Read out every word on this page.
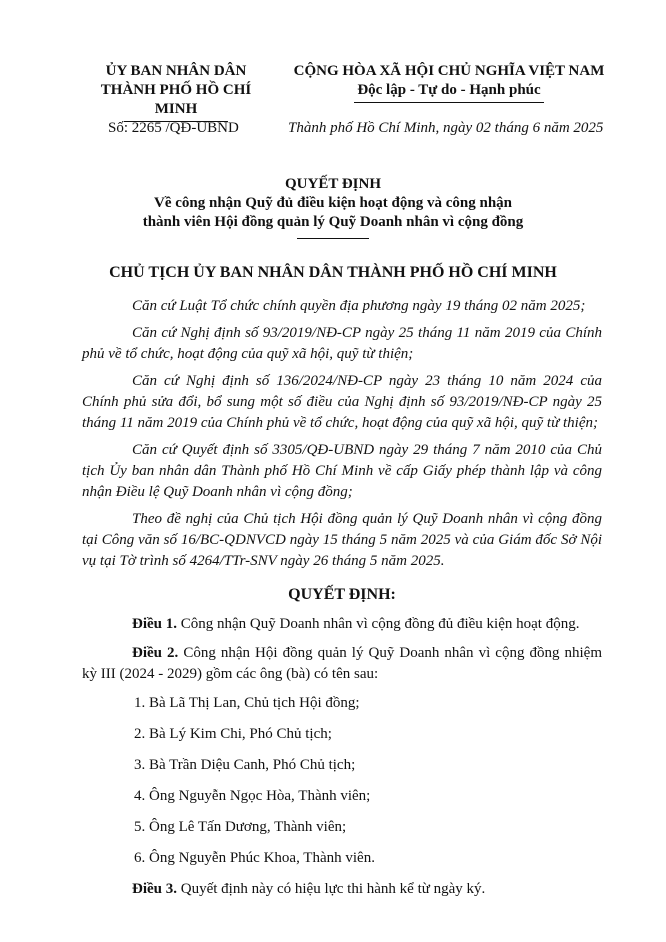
ỦY BAN NHÂN DÂN
THÀNH PHỐ HỒ CHÍ MINH
CỘNG HÒA XÃ HỘI CHỦ NGHĨA VIỆT NAM
Độc lập - Tự do - Hạnh phúc
Số: 2265 /QĐ-UBND	Thành phố Hồ Chí Minh, ngày 02 tháng 6 năm 2025
QUYẾT ĐỊNH
Về công nhận Quỹ đủ điều kiện hoạt động và công nhận
thành viên Hội đồng quản lý Quỹ Doanh nhân vì cộng đồng
CHỦ TỊCH ỦY BAN NHÂN DÂN THÀNH PHỐ HỒ CHÍ MINH

Căn cứ Luật Tổ chức chính quyền địa phương ngày 19 tháng 02 năm 2025;

Căn cứ Nghị định số 93/2019/NĐ-CP ngày 25 tháng 11 năm 2019 của Chính phủ về tổ chức, hoạt động của quỹ xã hội, quỹ từ thiện;

Căn cứ Nghị định số 136/2024/NĐ-CP ngày 23 tháng 10 năm 2024 của Chính phủ sửa đổi, bổ sung một số điều của Nghị định số 93/2019/NĐ-CP ngày 25 tháng 11 năm 2019 của Chính phủ về tổ chức, hoạt động của quỹ xã hội, quỹ từ thiện;

Căn cứ Quyết định số 3305/QĐ-UBND ngày 29 tháng 7 năm 2010 của Chủ tịch Ủy ban nhân dân Thành phố Hồ Chí Minh về cấp Giấy phép thành lập và công nhận Điều lệ Quỹ Doanh nhân vì cộng đồng;

Theo đề nghị của Chủ tịch Hội đồng quản lý Quỹ Doanh nhân vì cộng đồng tại Công văn số 16/BC-QDNVCD ngày 15 tháng 5 năm 2025 và của Giám đốc Sở Nội vụ tại Tờ trình số 4264/TTr-SNV ngày 26 tháng 5 năm 2025.

QUYẾT ĐỊNH:

Điều 1. Công nhận Quỹ Doanh nhân vì cộng đồng đủ điều kiện hoạt động.

Điều 2. Công nhận Hội đồng quản lý Quỹ Doanh nhân vì cộng đồng nhiệm kỳ III (2024 - 2029) gồm các ông (bà) có tên sau:

1. Bà Lã Thị Lan, Chủ tịch Hội đồng;
2. Bà Lý Kim Chi, Phó Chủ tịch;
3. Bà Trần Diệu Canh, Phó Chủ tịch;
4. Ông Nguyễn Ngọc Hòa, Thành viên;
5. Ông Lê Tấn Dương, Thành viên;
6. Ông Nguyễn Phúc Khoa, Thành viên.

Điều 3. Quyết định này có hiệu lực thi hành kể từ ngày ký.
